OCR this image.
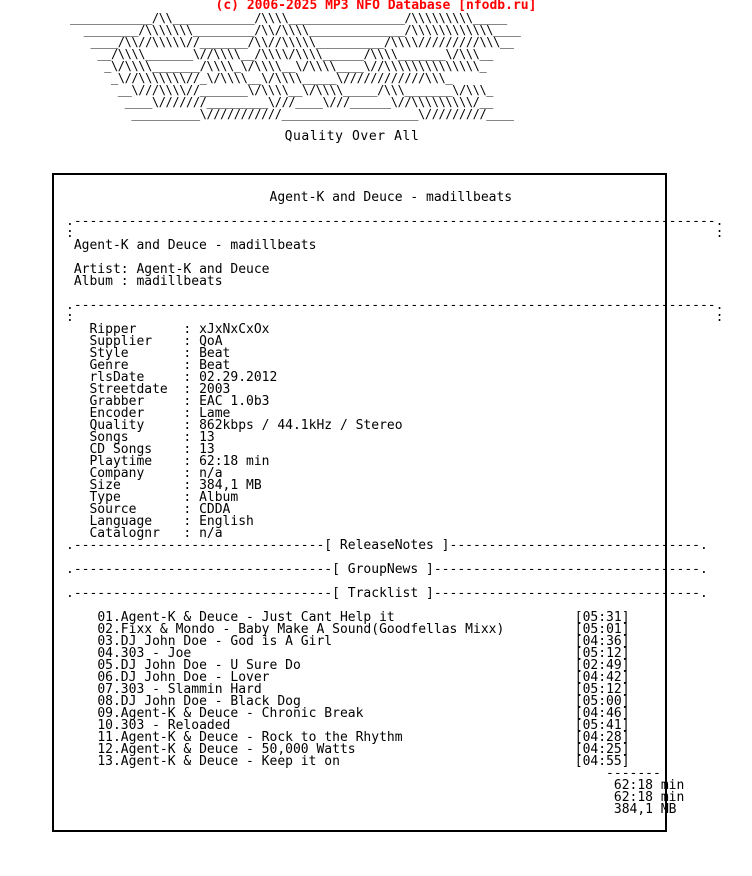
(c) 2006-2025 MP3 NFO Database [nfodb.ru]
____________/\\____________/\\\\_________________/\\\\\\\\\_____
________/\\\\\\\_________/\\/\\\\______________/\\\\\\\\\\\\____
____/\\//\\\\\//_______/\\//\\\\\__________/\\\\/////////\\\__
__/\\\\_______\//\\\\__/\\\\/\\\\______/\\\\_______\/\\\__
_\/\\\\_______/\\\\_\/\\\\__\/\\\\____\//\\\\\\\\\\\\\\_
_\//\\\\\\\//_\/\\\\__\/\\\\_____\////////////\\\_
__\///\\\\//_______\/\\\\__\/\\\\_____/\\\_______\/\\\_
____\///////_________\///____\///______\//\\\\\\\\\/__
__________\///////////____________________\/////////____
Quality Over All
Agent-K and Deuce - madillbeats

.----------------------------------------------------------------------------------.
:                                                                                  :
Agent-K and Deuce - madillbeats

Artist: Agent-K and Deuce
Album : madillbeats

.----------------------------------------------------------------------------------.
:                                                                                  :
Ripper      : xJxNxCxOx
Supplier    : QoA
Style       : Beat
Genre       : Beat
rlsDate     : 02.29.2012
Streetdate  : 2003
Grabber     : EAC 1.0b3
Encoder     : Lame
Quality     : 862kbps / 44.1kHz / Stereo
Songs       : 13
CD Songs    : 13
Playtime    : 62:18 min
Company     : n/a
Size        : 384,1 MB
Type        : Album
Source      : CDDA
Language    : English
Catalognr   : n/a
.--------------------------------[ ReleaseNotes ]--------------------------------.

.---------------------------------[ GroupNews ]----------------------------------.

.---------------------------------[ Tracklist ]----------------------------------.

01.Agent-K & Deuce - Just Cant Help it	[05:31]
02.Fixx & Mondo - Baby Make A Sound(Goodfellas Mixx)	[05:01]
03.DJ John Doe - God is A Girl	[04:36]
04.303 - Joe	[05:12]
05.DJ John Doe - U Sure Do	[02:49]
06.DJ John Doe - Lover	[04:42]
07.303 - Slammin Hard	[05:12]
08.DJ John Doe - Black Dog	[05:00]
09.Agent-K & Deuce - Chronic Break	[04:46]
10.303 - Reloaded	[05:41]
11.Agent-K & Deuce - Rock to the Rhythm	[04:28]
12.Agent-K & Deuce - 50,000 Watts	[04:25]
13.Agent-K & Deuce - Keep it on	[04:55]
-------
62:18 min
62:18 min
384,1 MB
